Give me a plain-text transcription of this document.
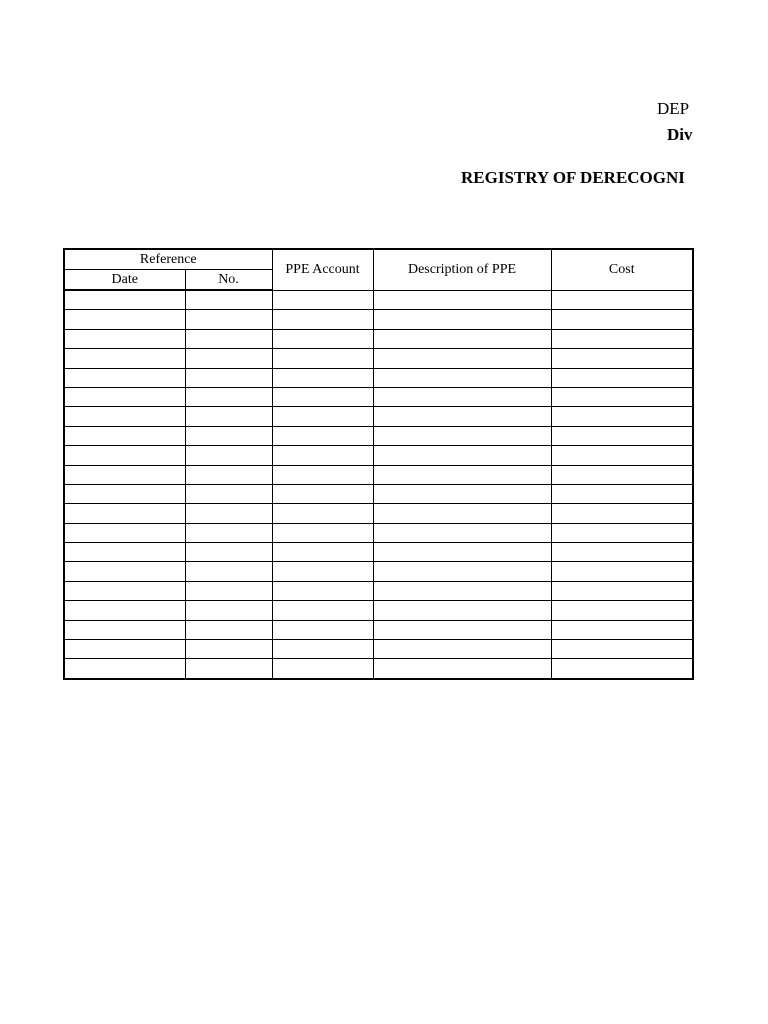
DEP
Div
REGISTRY OF DERECOGNI
Reference		PPE Account	Description of PPE	Cost
Date	No.			
